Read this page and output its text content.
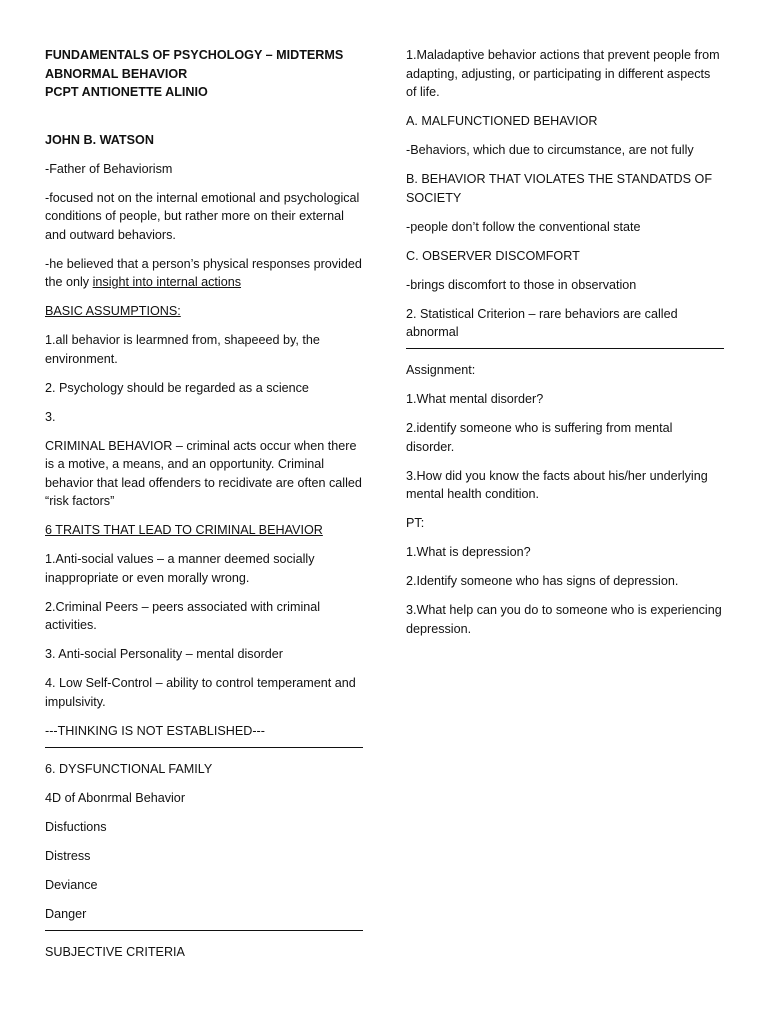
FUNDAMENTALS OF PSYCHOLOGY – MIDTERMS

ABNORMAL BEHAVIOR

PCPT ANTIONETTE ALINIO

JOHN B. WATSON

-Father of Behaviorism

-focused not on the internal emotional and psychological conditions of people, but rather more on their external and outward behaviors.

-he believed that a person’s physical responses provided the only insight into internal actions

BASIC ASSUMPTIONS:

1.all behavior is learmned from, shapeeed by, the environment.

2. Psychology should be regarded as a science

3.

CRIMINAL BEHAVIOR – criminal acts occur when there is a motive, a means, and an opportunity. Criminal behavior that lead offenders to recidivate are often called “risk factors”

6 TRAITS THAT LEAD TO CRIMINAL BEHAVIOR

1.Anti-social values – a manner deemed socially inappropriate or even morally wrong.

2.Criminal Peers – peers associated with criminal activities.

3. Anti-social Personality – mental disorder

4. Low Self-Control – ability to control temperament and impulsivity.

---THINKING IS NOT ESTABLISHED---

6. DYSFUNCTIONAL FAMILY

4D of Abonrmal Behavior

Disfuctions

Distress

Deviance

Danger

SUBJECTIVE CRITERIA

1.Maladaptive behavior actions that prevent people from adapting, adjusting, or participating in different aspects of life.

A. MALFUNCTIONED BEHAVIOR

-Behaviors, which due to circumstance, are not fully

B. BEHAVIOR THAT VIOLATES THE STANDATDS OF SOCIETY

-people don’t follow the conventional state

C. OBSERVER DISCOMFORT

-brings discomfort to those in observation

2. Statistical Criterion – rare behaviors are called abnormal

Assignment:

1.What mental disorder?

2.identify someone who is suffering from mental disorder.

3.How did you know the facts about his/her underlying mental health condition.

PT:

1.What is depression?

2.Identify someone who has signs of depression.

3.What help can you do to someone who is experiencing depression.
